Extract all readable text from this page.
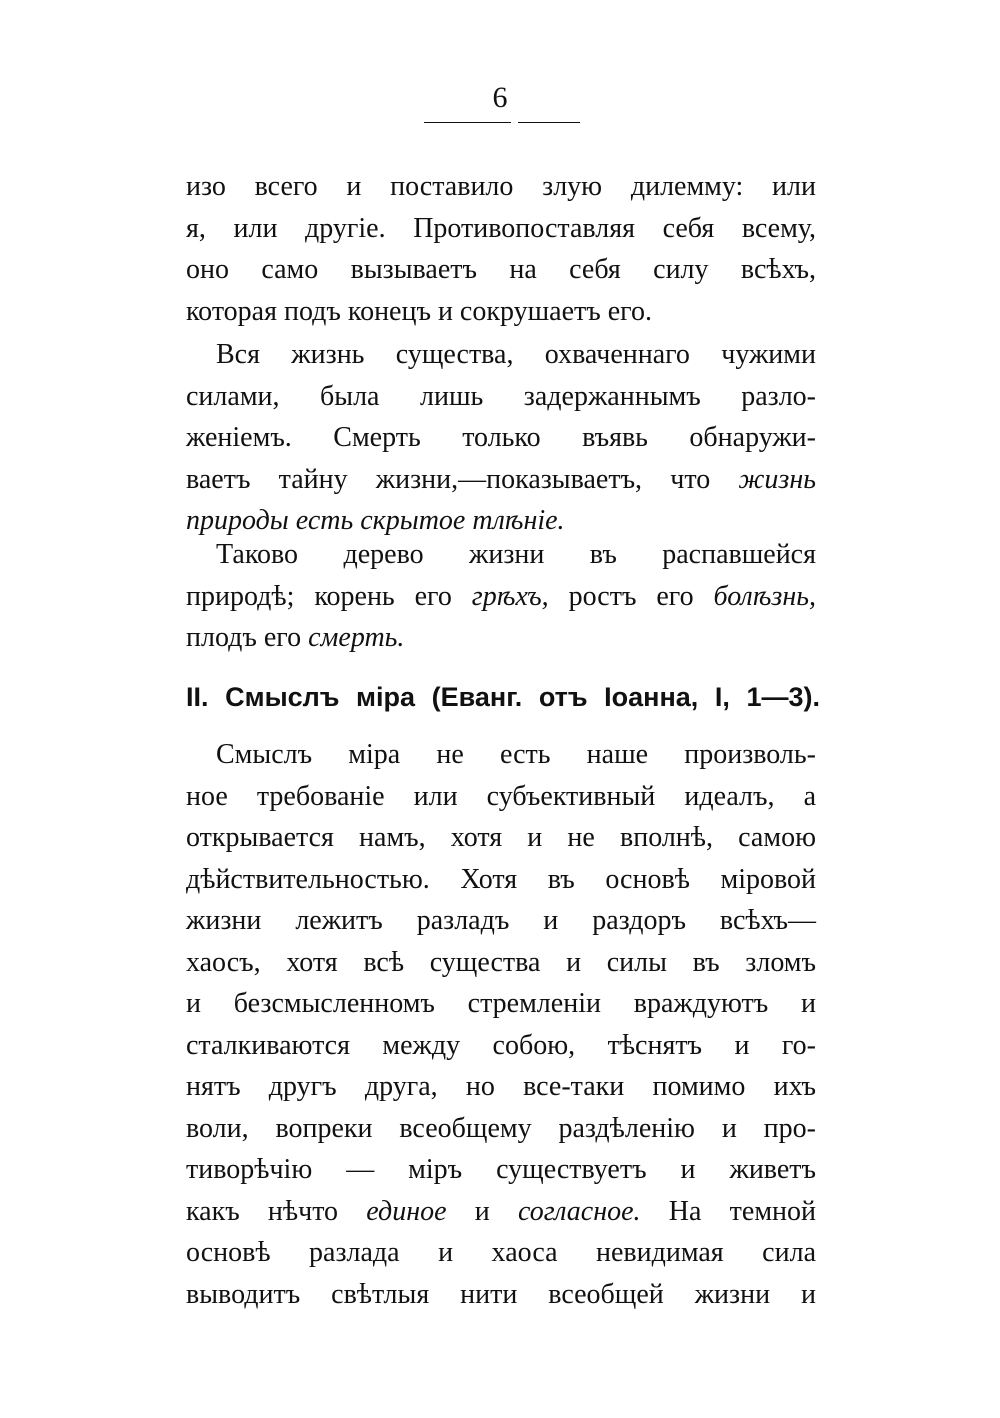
6
изо всего и поставило злую дилемму: или
я, или другiе. Противопоставляя себя всему,
оно само вызываетъ на себя силу всѣхъ,
которая подъ конецъ и сокрушаетъ его.
Вся жизнь существа, охваченнаго чужими
силами, была лишь задержаннымъ разло-
женiемъ. Смерть только въявь обнаружи-
ваетъ тайну жизни,—показываетъ, что жизнь
природы есть скрытое тлѣнiе.
Таково дерево жизни въ распавшейся
природѣ; корень его грѣхъ, ростъ его болѣзнь,
плодъ его смерть.
II. Смыслъ мiра (Еванг. отъ Iоанна, I, 1—3).
Смыслъ мiра не есть наше произволь-
ное требованiе или субъективный идеалъ, а
открывается намъ, хотя и не вполнѣ, самою
дѣйствительностью. Хотя въ основѣ мiровой
жизни лежитъ разладъ и раздоръ всѣхъ—
хаосъ, хотя всѣ существа и силы въ зломъ
и безсмысленномъ стремленiи враждуютъ и
сталкиваются между собою, тѣснятъ и го-
нятъ другъ друга, но все-таки помимо ихъ
воли, вопреки всеобщему раздѣленiю и про-
тиворѣчiю — мiръ существуетъ и живетъ
какъ нѣчто единое и согласное. На темной
основѣ разлада и хаоса невидимая сила
выводитъ свѣтлыя нити всеобщей жизни и
